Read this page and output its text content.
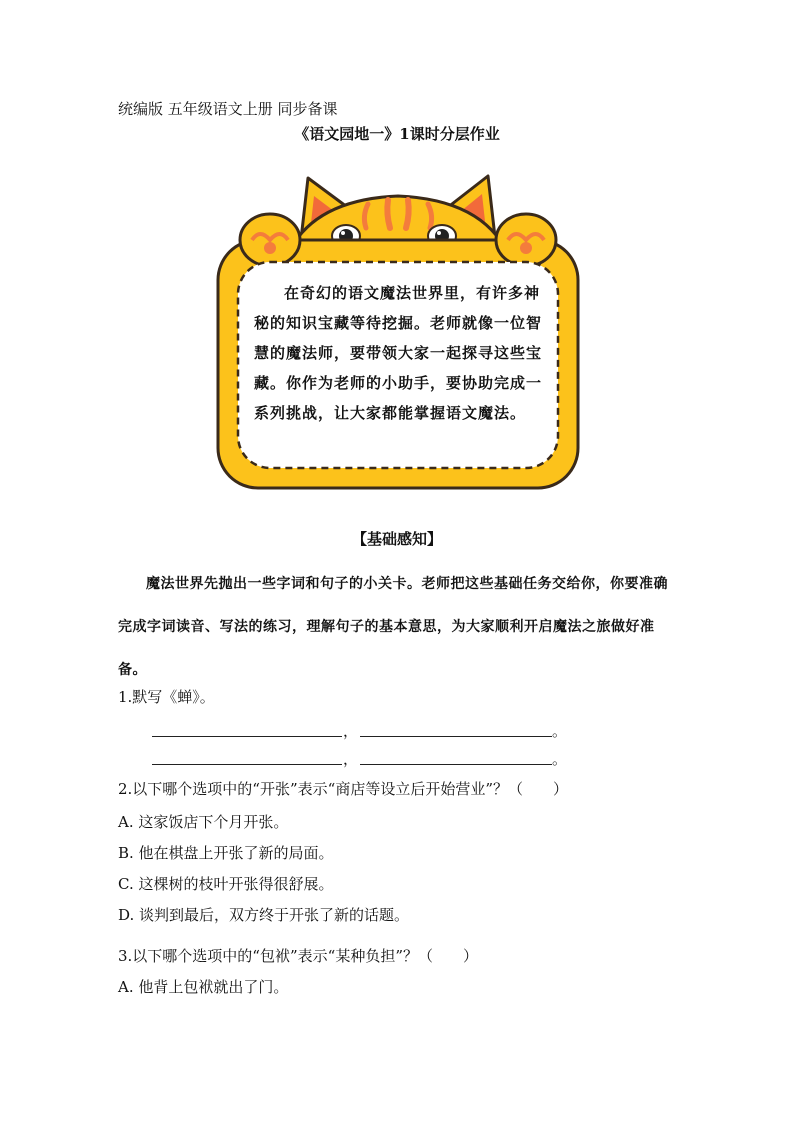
统编版 五年级语文上册 同步备课
《语文园地一》1课时分层作业
在奇幻的语文魔法世界里，有许多神秘的知识宝藏等待挖掘。老师就像一位智慧的魔法师，要带领大家一起探寻这些宝藏。你作为老师的小助手，要协助完成一系列挑战，让大家都能掌握语文魔法。
【基础感知】
魔法世界先抛出一些字词和句子的小关卡。老师把这些基础任务交给你，你要准确完成字词读音、写法的练习，理解句子的基本意思，为大家顺利开启魔法之旅做好准备。
1.默写《蝉》。
，	。
，	。
2.以下哪个选项中的“开张”表示“商店等设立后开始营业”？（　　）
A. 这家饭店下个月开张。
B. 他在棋盘上开张了新的局面。
C. 这棵树的枝叶开张得很舒展。
D. 谈判到最后，双方终于开张了新的话题。
3.以下哪个选项中的“包袱”表示“某种负担”？（　　）
A. 他背上包袱就出了门。
